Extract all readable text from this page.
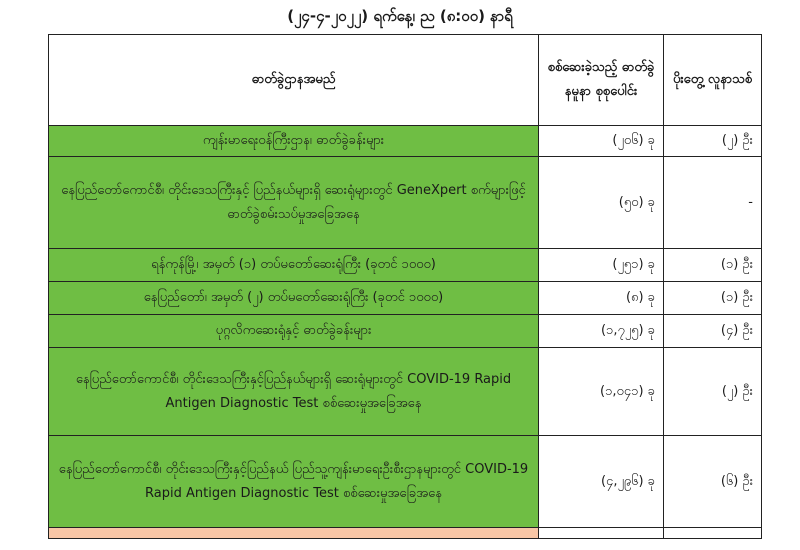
(၂၄-၄-၂၀၂၂) ရက်နေ့၊ ည (၈:၀၀) နာရီ
ဓာတ်ခွဲဌာနအမည်	စစ်ဆေးခဲ့သည့် ဓာတ်ခွဲနမူနာ စုစုပေါင်း	ပိုးတွေ့ လူနာသစ်
ကျန်းမာရေးဝန်ကြီးဌာန၊ ဓာတ်ခွဲခန်းများ	(၂၀၆) ခု	(၂) ဦး
နေပြည်တော်ကောင်စီ၊ တိုင်းဒေသကြီးနှင့် ပြည်နယ်များရှိ ဆေးရုံများတွင် GeneXpert စက်များဖြင့် ဓာတ်ခွဲစမ်းသပ်မှုအခြေအနေ	(၅၀) ခု	-
ရန်ကုန်မြို့၊ အမှတ် (၁) တပ်မတော်ဆေးရုံကြီး (ခုတင် ၁၀၀၀)	(၂၅၁) ခု	(၁) ဦး
နေပြည်တော်၊ အမှတ် (၂) တပ်မတော်ဆေးရုံကြီး (ခုတင် ၁၀၀၀)	(၈) ခု	(၁) ဦး
ပုဂ္ဂလိကဆေးရုံနှင့် ဓာတ်ခွဲခန်းများ	(၁,၇၂၅) ခု	(၄) ဦး
နေပြည်တော်ကောင်စီ၊ တိုင်းဒေသကြီးနှင့်ပြည်နယ်များရှိ ဆေးရုံများတွင် COVID-19 Rapid Antigen Diagnostic Test စစ်ဆေးမှုအခြေအနေ	(၁,၀၄၁) ခု	(၂) ဦး
နေပြည်တော်ကောင်စီ၊ တိုင်းဒေသကြီးနှင့်ပြည်နယ် ပြည်သူ့ကျန်းမာရေးဦးစီးဌာနများတွင် COVID-19 Rapid Antigen Diagnostic Test စစ်ဆေးမှုအခြေအနေ	(၄,၂၉၆) ခု	(၆) ဦး
